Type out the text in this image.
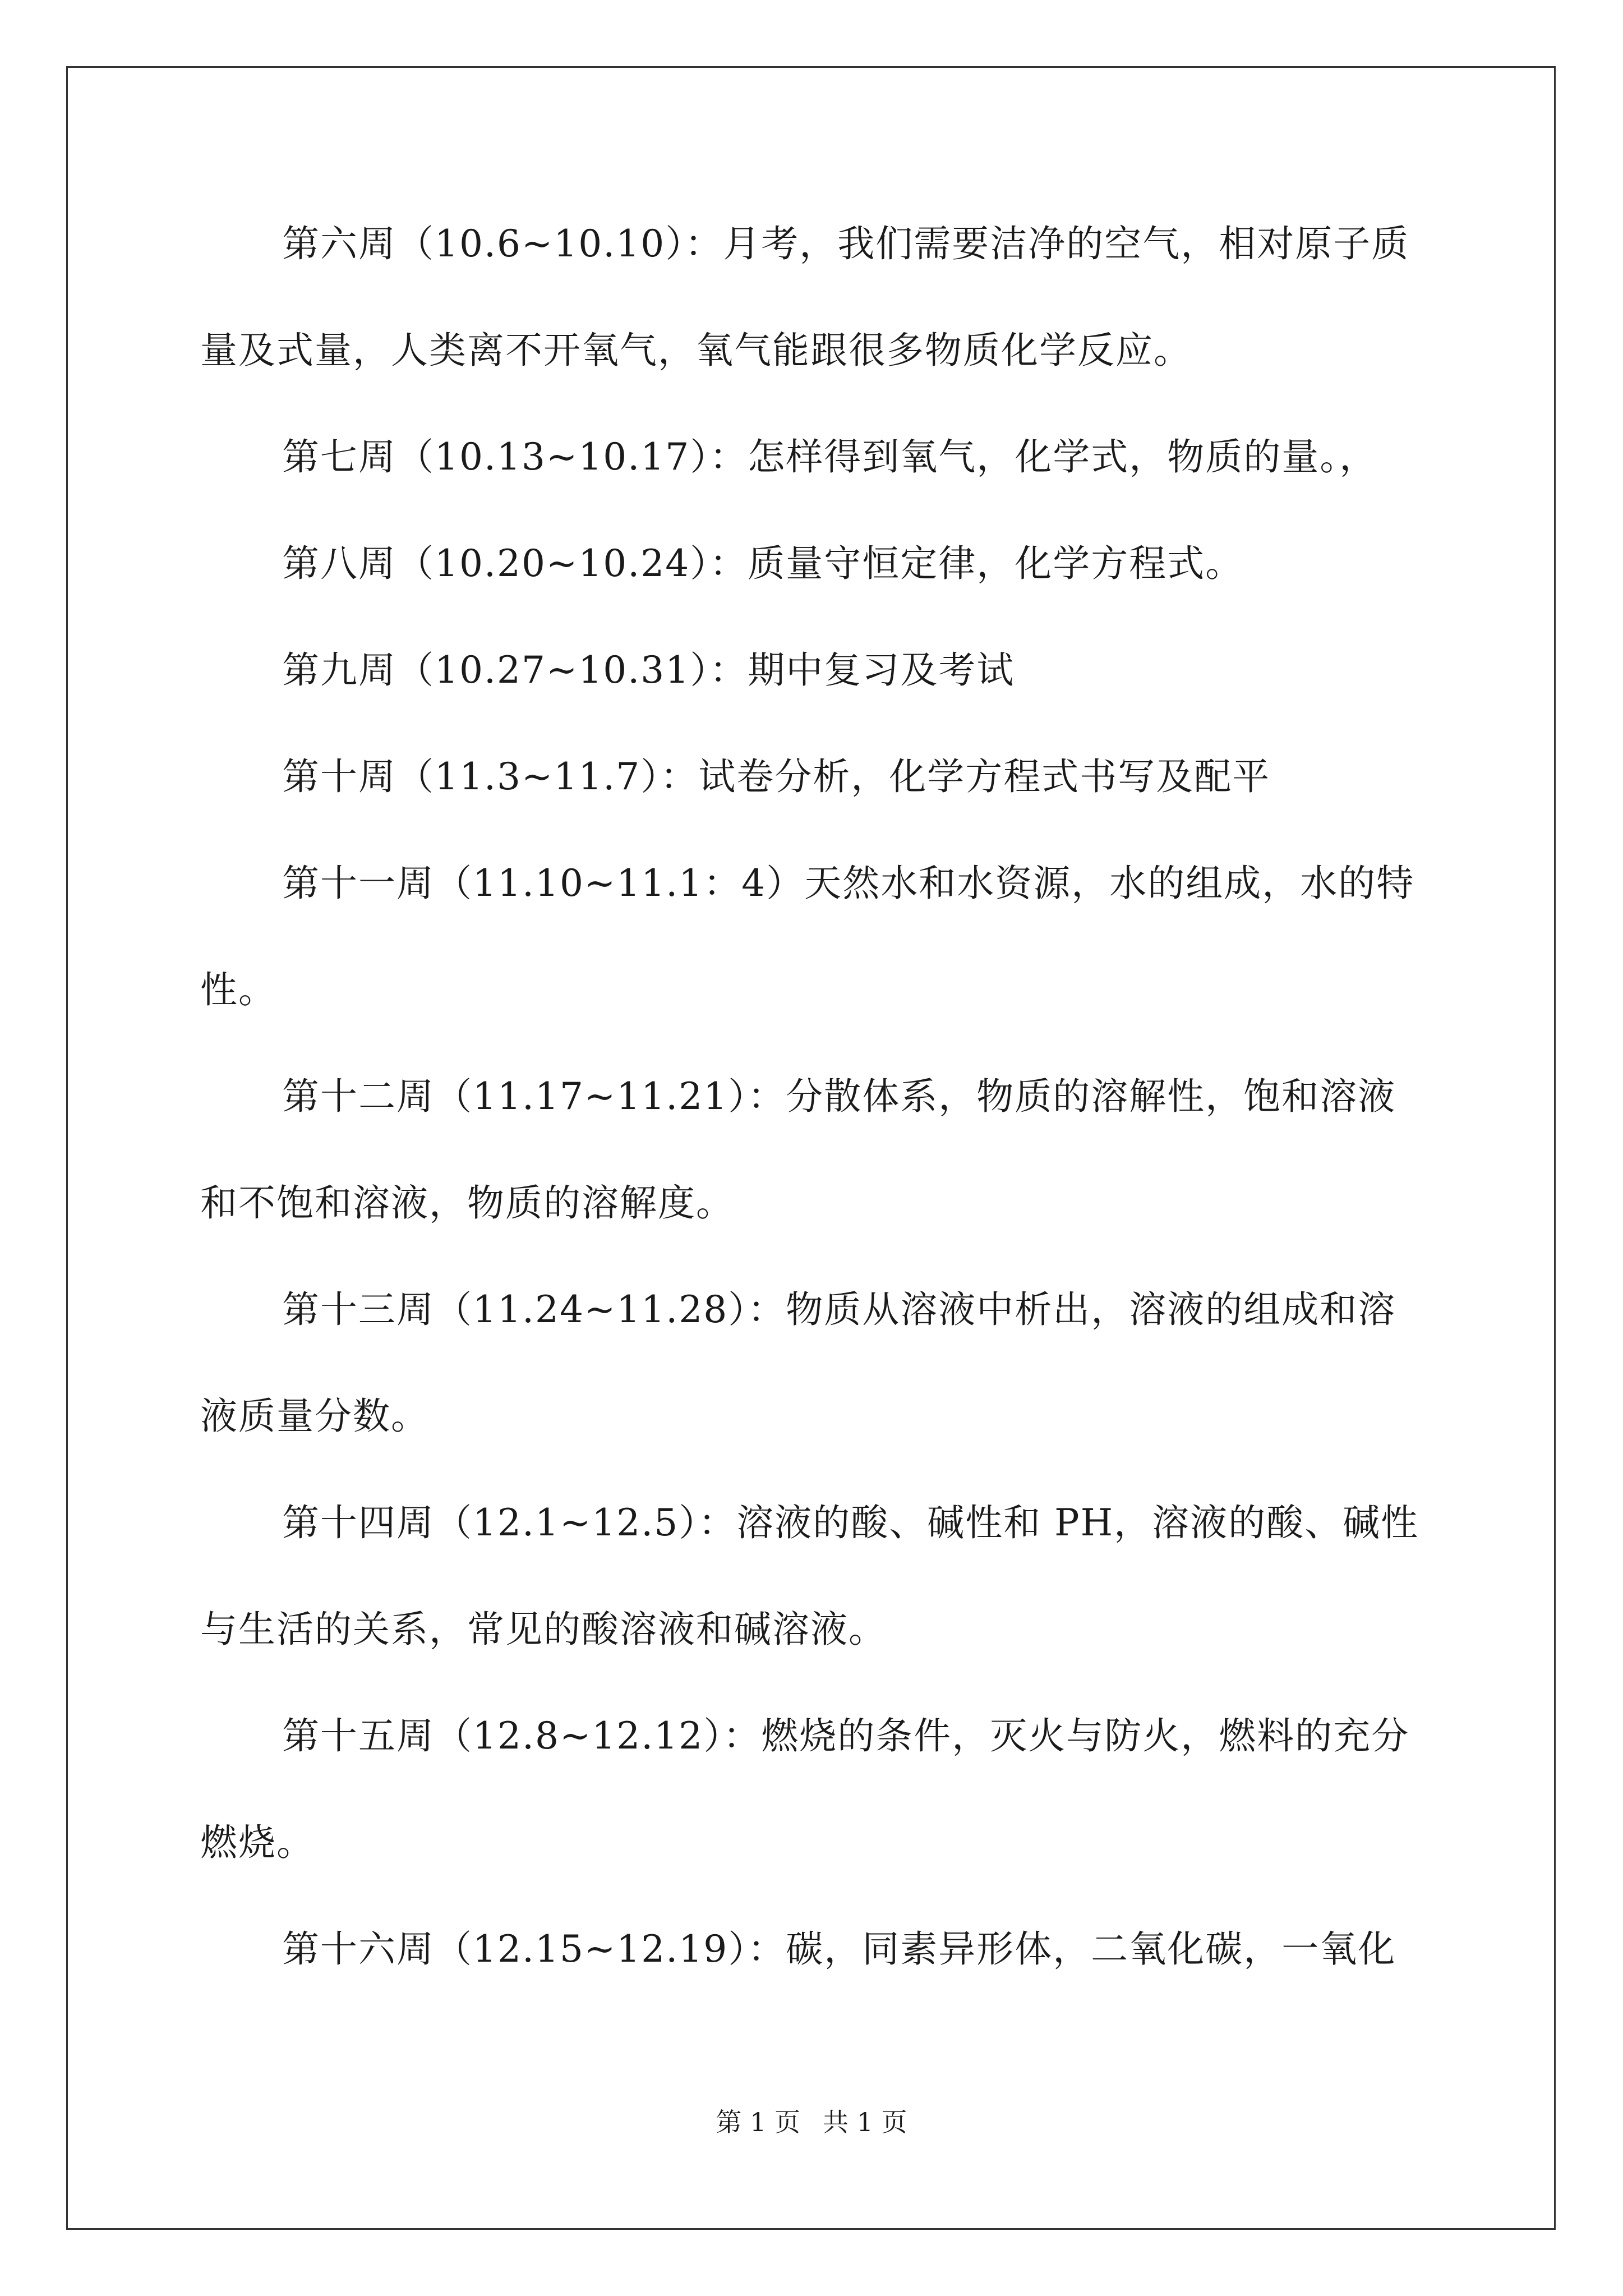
第六周（10.6~10.10）：月考，我们需要洁净的空气，相对原子质
量及式量，人类离不开氧气，氧气能跟很多物质化学反应。
第七周（10.13~10.17）：怎样得到氧气，化学式，物质的量。，
第八周（10.20~10.24）：质量守恒定律，化学方程式。
第九周（10.27~10.31）：期中复习及考试
第十周（11.3~11.7）：试卷分析，化学方程式书写及配平
第十一周（11.10~11.1：4）天然水和水资源，水的组成，水的特
性。
第十二周（11.17~11.21）：分散体系，物质的溶解性，饱和溶液
和不饱和溶液，物质的溶解度。
第十三周（11.24~11.28）：物质从溶液中析出，溶液的组成和溶
液质量分数。
第十四周（12.1~12.5）：溶液的酸、碱性和 PH，溶液的酸、碱性
与生活的关系，常见的酸溶液和碱溶液。
第十五周（12.8~12.12）：燃烧的条件，灭火与防火，燃料的充分
燃烧。
第十六周（12.15~12.19）：碳，同素异形体，二氧化碳，一氧化
第 1 页 共 1 页
